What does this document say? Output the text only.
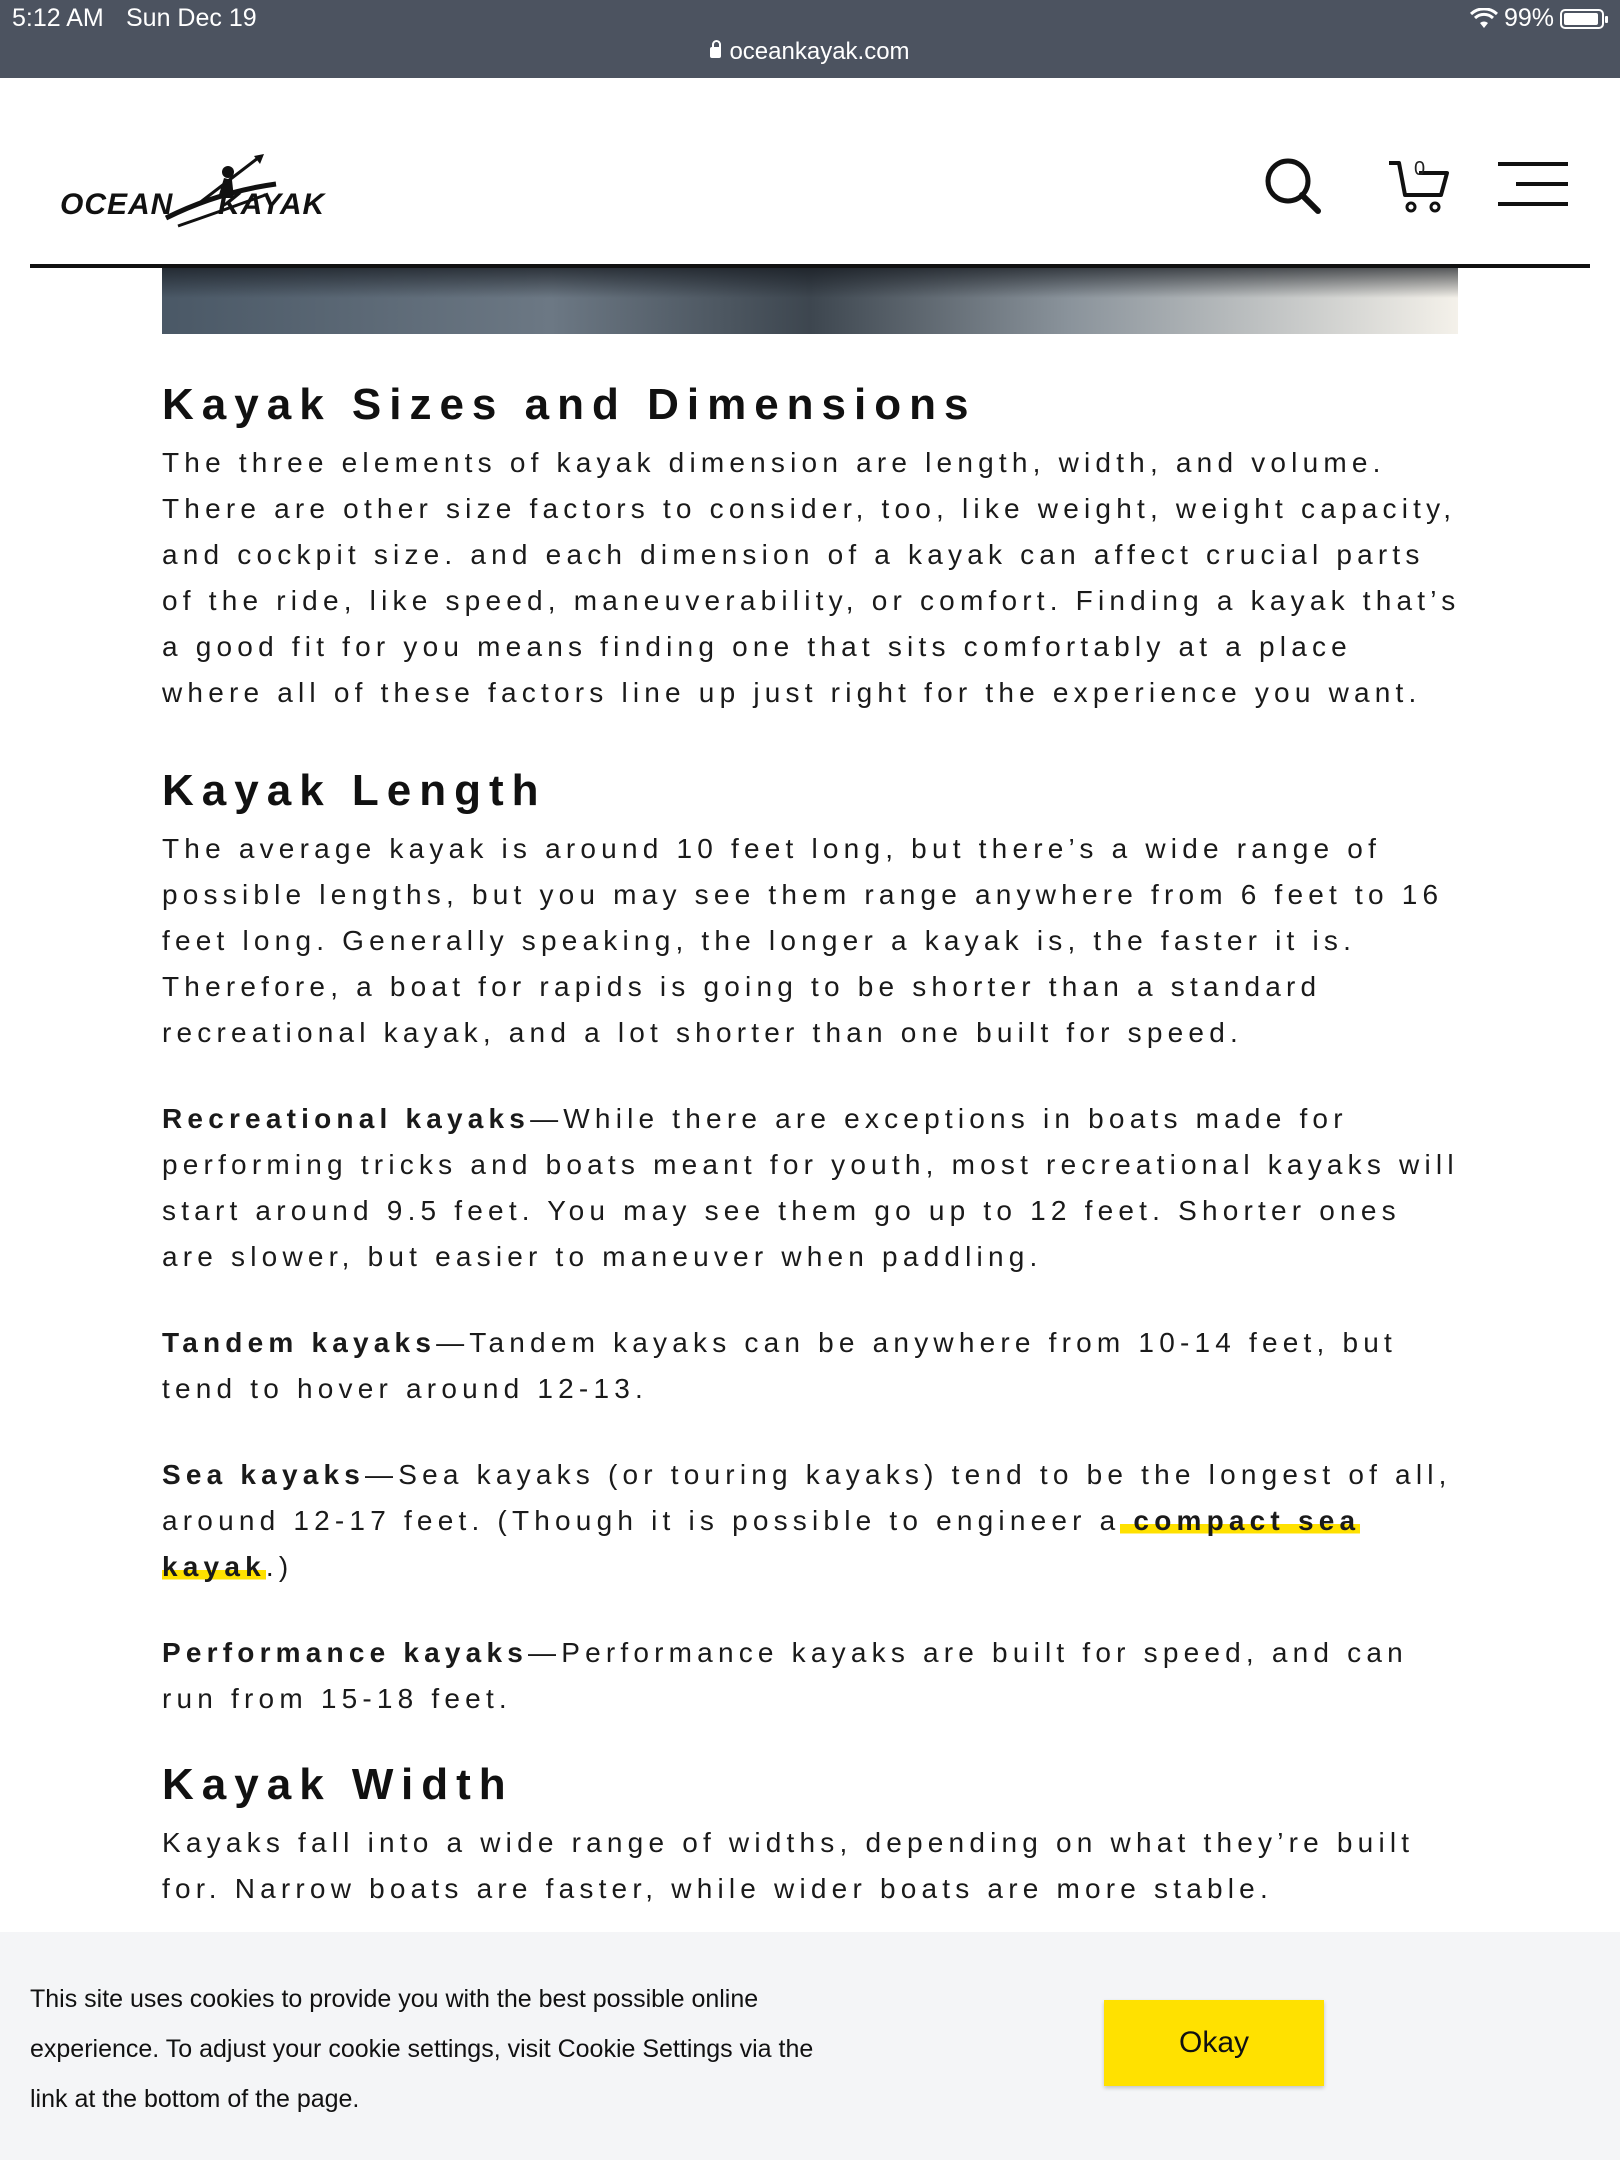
5:12 AM Sun Dec 19	99%
oceankayak.com
OCEAN KAYAK
0
Kayak Sizes and Dimensions

The three elements of kayak dimension are length, width, and volume. There are other size factors to consider, too, like weight, weight capacity, and cockpit size. and each dimension of a kayak can affect crucial parts of the ride, like speed, maneuverability, or comfort. Finding a kayak that’s a good fit for you means finding one that sits comfortably at a place where all of these factors line up just right for the experience you want.

Kayak Length

The average kayak is around 10 feet long, but there’s a wide range of possible lengths, but you may see them range anywhere from 6 feet to 16 feet long. Generally speaking, the longer a kayak is, the faster it is. Therefore, a boat for rapids is going to be shorter than a standard recreational kayak, and a lot shorter than one built for speed.

Recreational kayaks—While there are exceptions in boats made for performing tricks and boats meant for youth, most recreational kayaks will start around 9.5 feet. You may see them go up to 12 feet. Shorter ones are slower, but easier to maneuver when paddling.

Tandem kayaks—Tandem kayaks can be anywhere from 10-14 feet, but tend to hover around 12-13.

Sea kayaks—Sea kayaks (or touring kayaks) tend to be the longest of all, around 12-17 feet. (Though it is possible to engineer a compact sea kayak.)

Performance kayaks—Performance kayaks are built for speed, and can run from 15-18 feet.

Kayak Width

Kayaks fall into a wide range of widths, depending on what they’re built for. Narrow boats are faster, while wider boats are more stable.

This site uses cookies to provide you with the best possible online experience. To adjust your cookie settings, visit Cookie Settings via the link at the bottom of the page.
Okay
